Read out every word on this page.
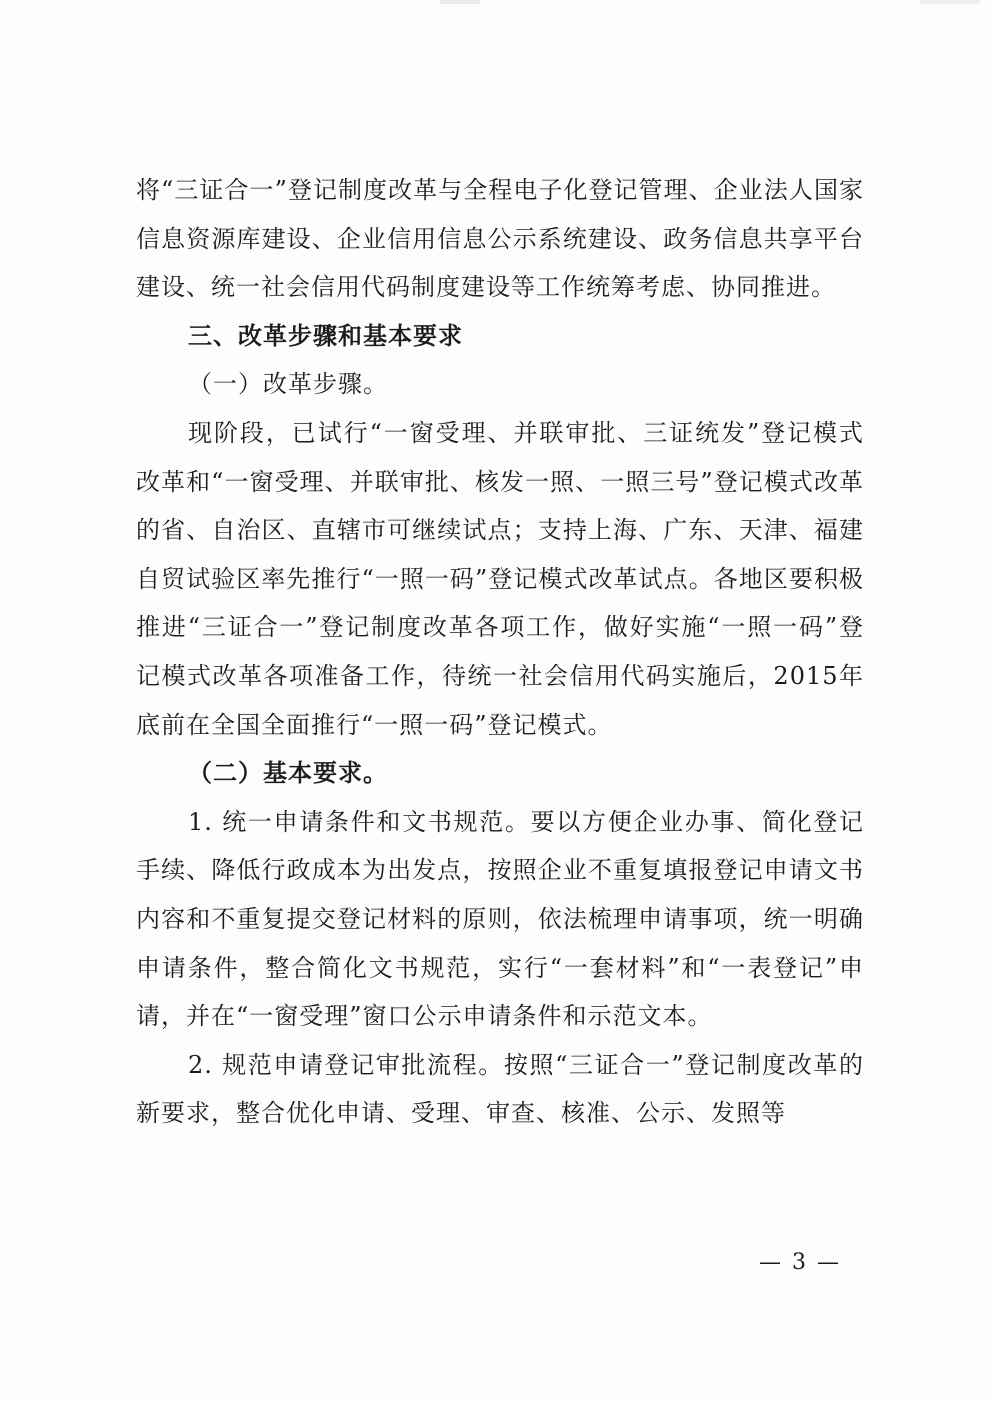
将“三证合一”登记制度改革与全程电子化登记管理、企业法人国家信息资源库建设、企业信用信息公示系统建设、政务信息共享平台建设、统一社会信用代码制度建设等工作统筹考虑、协同推进。

三、改革步骤和基本要求

（一）改革步骤。

现阶段，已试行“一窗受理、并联审批、三证统发”登记模式改革和“一窗受理、并联审批、核发一照、一照三号”登记模式改革的省、自治区、直辖市可继续试点；支持上海、广东、天津、福建自贸试验区率先推行“一照一码”登记模式改革试点。各地区要积极推进“三证合一”登记制度改革各项工作，做好实施“一照一码”登记模式改革各项准备工作，待统一社会信用代码实施后，2015年底前在全国全面推行“一照一码”登记模式。

（二）基本要求。

1. 统一申请条件和文书规范。要以方便企业办事、简化登记手续、降低行政成本为出发点，按照企业不重复填报登记申请文书内容和不重复提交登记材料的原则，依法梳理申请事项，统一明确申请条件，整合简化文书规范，实行“一套材料”和“一表登记”申请，并在“一窗受理”窗口公示申请条件和示范文本。

2. 规范申请登记审批流程。按照“三证合一”登记制度改革的新要求，整合优化申请、受理、审查、核准、公示、发照等

— 3 —
